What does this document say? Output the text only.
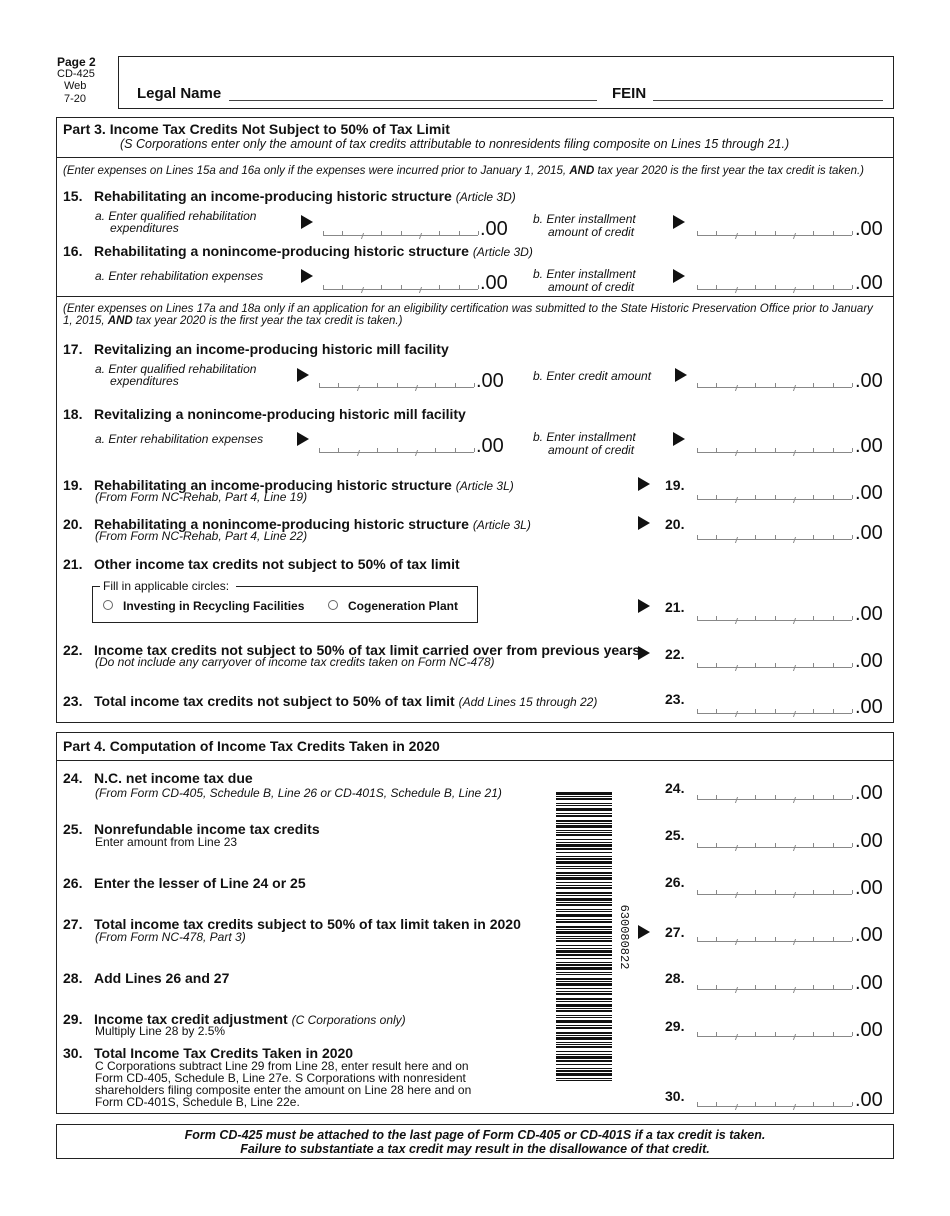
Page 2
CD-425
Web
7-20	Legal Name	FEIN
Part 3. Income Tax Credits Not Subject to 50% of Tax Limit
(S Corporations enter only the amount of tax credits attributable to nonresidents filing composite on Lines 15 through 21.)
(Enter expenses on Lines 15a and 16a only if the expenses were incurred prior to January 1, 2015, AND tax year 2020 is the first year the tax credit is taken.)
15. Rehabilitating an income-producing historic structure (Article 3D)
a. Enter qualified rehabilitation
expenditures	.00 b. Enter installment
amount of credit	.00
16. Rehabilitating a nonincome-producing historic structure (Article 3D)
a. Enter rehabilitation expenses	.00 b. Enter installment
amount of credit	.00
(Enter expenses on Lines 17a and 18a only if an application for an eligibility certification was submitted to the State Historic Preservation Office prior to January 1, 2015, AND tax year 2020 is the first year the tax credit is taken.)
17. Revitalizing an income-producing historic mill facility
a. Enter qualified rehabilitation
expenditures	.00 b. Enter credit amount	.00
18. Revitalizing a nonincome-producing historic mill facility
a. Enter rehabilitation expenses	.00 b. Enter installment
amount of credit	.00
19. Rehabilitating an income-producing historic structure (Article 3L)
(From Form NC-Rehab, Part 4, Line 19)
19.	.00
20. Rehabilitating a nonincome-producing historic structure (Article 3L)
(From Form NC-Rehab, Part 4, Line 22)
20.	.00
21. Other income tax credits not subject to 50% of tax limit
Fill in applicable circles:
Investing in Recycling Facilities	Cogeneration Plant	21.	.00
22. Income tax credits not subject to 50% of tax limit carried over from previous years
(Do not include any carryover of income tax credits taken on Form NC-478)	22.	.00
23. Total income tax credits not subject to 50% of tax limit (Add Lines 15 through 22)	23.	.00
Part 4. Computation of Income Tax Credits Taken in 2020
24. N.C. net income tax due
(From Form CD-405, Schedule B, Line 26 or CD-401S, Schedule B, Line 21)	24.	.00
25. Nonrefundable income tax credits
Enter amount from Line 23	25.	.00
26. Enter the lesser of Line 24 or 25	26.	.00
27. Total income tax credits subject to 50% of tax limit taken in 2020
(From Form NC-478, Part 3)	27.	.00
28. Add Lines 26 and 27	28.	.00
29. Income tax credit adjustment (C Corporations only)
Multiply Line 28 by 2.5%	29.	.00
30. Total Income Tax Credits Taken in 2020
C Corporations subtract Line 29 from Line 28, enter result here and on
Form CD-405, Schedule B, Line 27e. S Corporations with nonresident
shareholders filing composite enter the amount on Line 28 here and on
Form CD-401S, Schedule B, Line 22e.	30.	.00
630080822
Form CD-425 must be attached to the last page of Form CD-405 or CD-401S if a tax credit is taken.
Failure to substantiate a tax credit may result in the disallowance of that credit.
